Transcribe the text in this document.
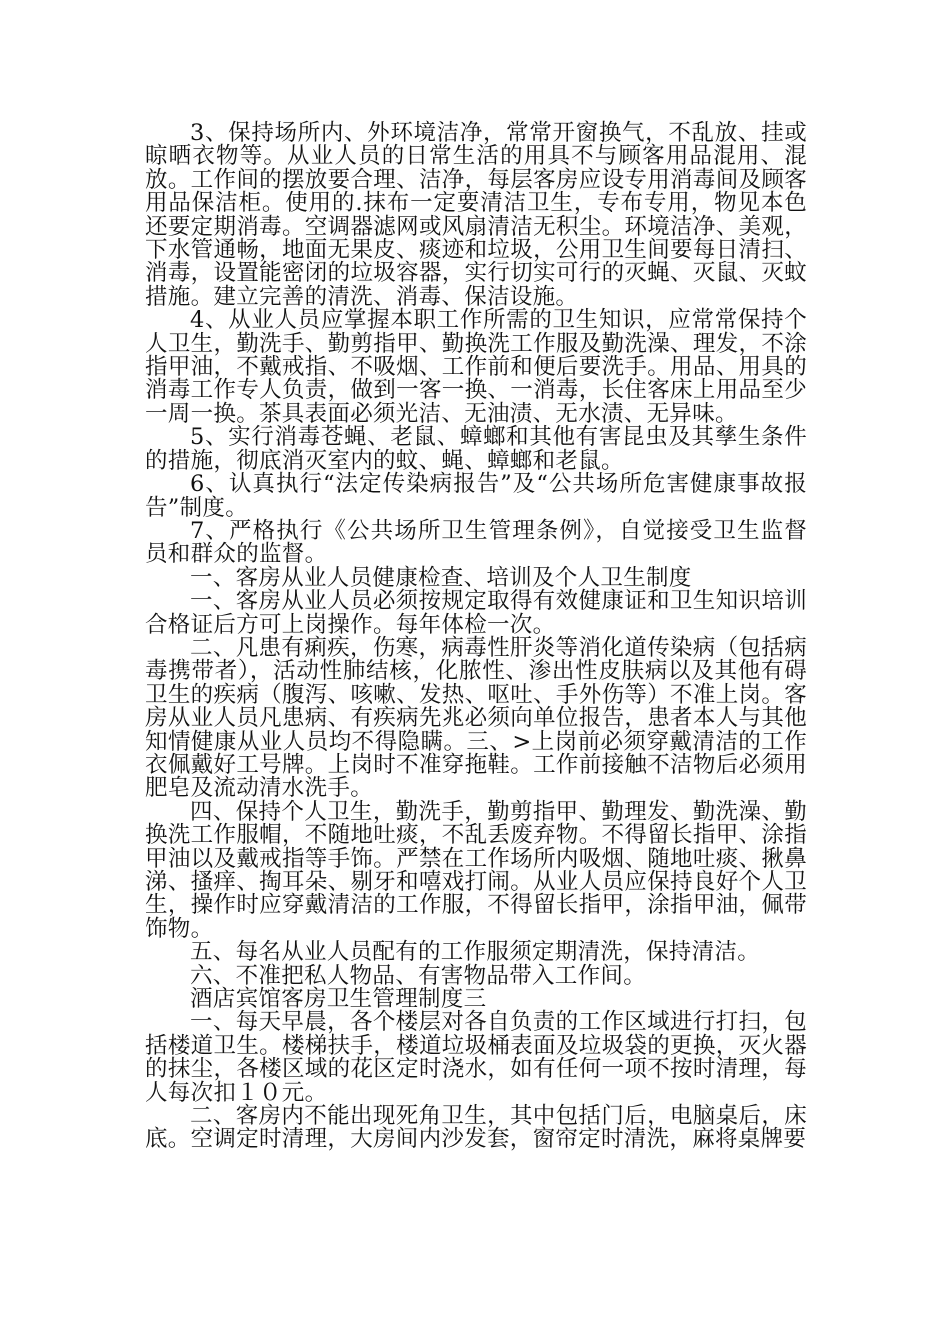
3、保持场所内、外环境洁净，常常开窗换气，不乱放、挂或晾晒衣物等。从业人员的日常生活的用具不与顾客用品混用、混放。工作间的摆放要合理、洁净，每层客房应设专用消毒间及顾客用品保洁柜。使用的.抹布一定要清洁卫生，专布专用，物见本色还要定期消毒。空调器滤网或风扇清洁无积尘。环境洁净、美观，下水管通畅，地面无果皮、痰迹和垃圾，公用卫生间要每日清扫、消毒，设置能密闭的垃圾容器，实行切实可行的灭蝇、灭鼠、灭蚊措施。建立完善的清洗、消毒、保洁设施。

4、从业人员应掌握本职工作所需的卫生知识，应常常保持个人卫生，勤洗手、勤剪指甲、勤换洗工作服及勤洗澡、理发，不涂指甲油，不戴戒指、不吸烟、工作前和便后要洗手。用品、用具的消毒工作专人负责，做到一客一换、一消毒，长住客床上用品至少一周一换。茶具表面必须光洁、无油渍、无水渍、无异味。

5、实行消毒苍蝇、老鼠、蟑螂和其他有害昆虫及其孳生条件的措施，彻底消灭室内的蚊、蝇、蟑螂和老鼠。

6、认真执行“法定传染病报告”及“公共场所危害健康事故报告”制度。

7、严格执行《公共场所卫生管理条例》，自觉接受卫生监督员和群众的监督。

一、客房从业人员健康检查、培训及个人卫生制度

一、客房从业人员必须按规定取得有效健康证和卫生知识培训合格证后方可上岗操作。每年体检一次。

二、凡患有痢疾，伤寒，病毒性肝炎等消化道传染病（包括病毒携带者），活动性肺结核，化脓性、渗出性皮肤病以及其他有碍卫生的疾病（腹泻、咳嗽、发热、呕吐、手外伤等）不准上岗。客房从业人员凡患病、有疾病先兆必须向单位报告，患者本人与其他知情健康从业人员均不得隐瞒。三、>上岗前必须穿戴清洁的工作衣佩戴好工号牌。上岗时不准穿拖鞋。工作前接触不洁物后必须用肥皂及流动清水洗手。

四、保持个人卫生，勤洗手，勤剪指甲、勤理发、勤洗澡、勤换洗工作服帽，不随地吐痰，不乱丢废弃物。不得留长指甲、涂指甲油以及戴戒指等手饰。严禁在工作场所内吸烟、随地吐痰、揪鼻涕、搔痒、掏耳朵、剔牙和嘻戏打闹。从业人员应保持良好个人卫生，操作时应穿戴清洁的工作服，不得留长指甲，涂指甲油，佩带饰物。

五、每名从业人员配有的工作服须定期清洗，保持清洁。

六、不准把私人物品、有害物品带入工作间。

酒店宾馆客房卫生管理制度三

一、每天早晨，各个楼层对各自负责的工作区域进行打扫，包括楼道卫生。楼梯扶手，楼道垃圾桶表面及垃圾袋的更换，灭火器的抹尘，各楼区域的花区定时浇水，如有任何一项不按时清理，每人每次扣１０元。

二、客房内不能出现死角卫生，其中包括门后，电脑桌后，床底。空调定时清理，大房间内沙发套，窗帘定时清洗，麻将桌牌要
